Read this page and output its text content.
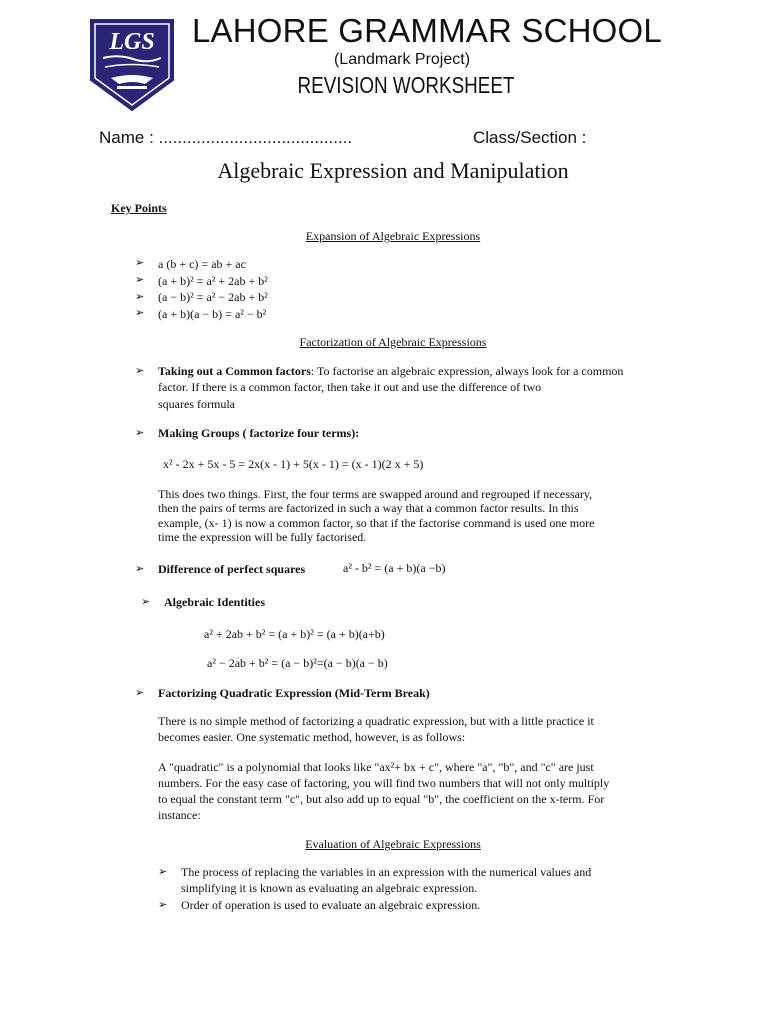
LGS LAHORE GRAMMAR SCHOOL
(Landmark Project)
REVISION WORKSHEET
Name : .........................................	Class/Section :
Algebraic Expression and Manipulation
Key Points
Expansion of Algebraic Expressions
➢ a (b + c) = ab + ac
➢ (a + b)² = a² + 2ab + b²
➢ (a − b)² = a² − 2ab + b²
➢ (a + b)(a − b) = a² − b²
Factorization of Algebraic Expressions
➢ Taking out a Common factors: To factorise an algebraic expression, always look for a common
factor. If there is a common factor, then take it out and use the difference of two
squares formula
➢ Making Groups ( factorize four terms):
x² - 2x + 5x - 5 = 2x(x - 1) + 5(x - 1) = (x - 1)(2 x + 5)
This does two things. First, the four terms are swapped around and regrouped if necessary,
then the pairs of terms are factorized in such a way that a common factor results. In this
example, (x- 1) is now a common factor, so that if the factorise command is used one more
time the expression will be fully factorised.
➢ Difference of perfect squares	a² - b² = (a + b)(a −b)
➢ Algebraic Identities
a² + 2ab + b² = (a + b)² = (a + b)(a+b)
a² − 2ab + b² = (a − b)²=(a − b)(a − b)
➢ Factorizing Quadratic Expression (Mid-Term Break)
There is no simple method of factorizing a quadratic expression, but with a little practice it
becomes easier. One systematic method, however, is as follows:
A "quadratic" is a polynomial that looks like "ax²+ bx + c", where "a", "b", and "c" are just
numbers. For the easy case of factoring, you will find two numbers that will not only multiply
to equal the constant term "c", but also add up to equal "b", the coefficient on the x-term. For
instance:
Evaluation of Algebraic Expressions
➢ The process of replacing the variables in an expression with the numerical values and
simplifying it is known as evaluating an algebraic expression.
➢ Order of operation is used to evaluate an algebraic expression.
